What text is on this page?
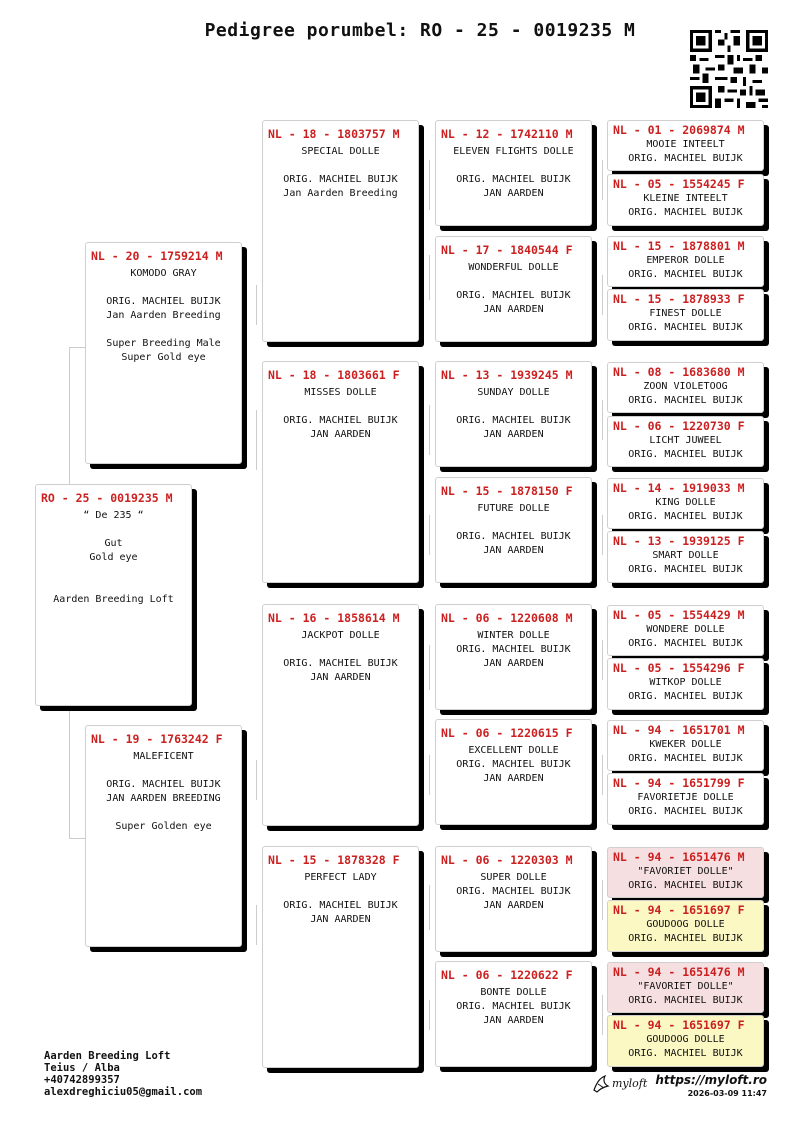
Pedigree porumbel: RO - 25 - 0019235 M
RO - 25 - 0019235 M
“ De 235 “
Gut
Gold eye
Aarden Breeding Loft
NL - 20 - 1759214 M
KOMODO GRAY
ORIG. MACHIEL BUIJK
Jan Aarden Breeding
Super Breeding Male
Super Gold eye
NL - 19 - 1763242 F
MALEFICENT
ORIG. MACHIEL BUIJK
JAN AARDEN BREEDING
Super Golden eye
NL - 18 - 1803757 M
SPECIAL DOLLE
ORIG. MACHIEL BUIJK
Jan Aarden Breeding
NL - 18 - 1803661 F
MISSES DOLLE
ORIG. MACHIEL BUIJK
JAN AARDEN
NL - 16 - 1858614 M
JACKPOT DOLLE
ORIG. MACHIEL BUIJK
JAN AARDEN
NL - 15 - 1878328 F
PERFECT LADY
ORIG. MACHIEL BUIJK
JAN AARDEN
NL - 12 - 1742110 M
ELEVEN FLIGHTS DOLLE
ORIG. MACHIEL BUIJK
JAN AARDEN
NL - 17 - 1840544 F
WONDERFUL DOLLE
ORIG. MACHIEL BUIJK
JAN AARDEN
NL - 13 - 1939245 M
SUNDAY DOLLE
ORIG. MACHIEL BUIJK
JAN AARDEN
NL - 15 - 1878150 F
FUTURE DOLLE
ORIG. MACHIEL BUIJK
JAN AARDEN
NL - 06 - 1220608 M
WINTER DOLLE
ORIG. MACHIEL BUIJK
JAN AARDEN
NL - 06 - 1220615 F
EXCELLENT DOLLE
ORIG. MACHIEL BUIJK
JAN AARDEN
NL - 06 - 1220303 M
SUPER DOLLE
ORIG. MACHIEL BUIJK
JAN AARDEN
NL - 06 - 1220622 F
BONTE DOLLE
ORIG. MACHIEL BUIJK
JAN AARDEN
NL - 01 - 2069874 M
MOOIE INTEELT
ORIG. MACHIEL BUIJK
NL - 05 - 1554245 F
KLEINE INTEELT
ORIG. MACHIEL BUIJK
NL - 15 - 1878801 M
EMPEROR DOLLE
ORIG. MACHIEL BUIJK
NL - 15 - 1878933 F
FINEST DOLLE
ORIG. MACHIEL BUIJK
NL - 08 - 1683680 M
ZOON VIOLETOOG
ORIG. MACHIEL BUIJK
NL - 06 - 1220730 F
LICHT JUWEEL
ORIG. MACHIEL BUIJK
NL - 14 - 1919033 M
KING DOLLE
ORIG. MACHIEL BUIJK
NL - 13 - 1939125 F
SMART DOLLE
ORIG. MACHIEL BUIJK
NL - 05 - 1554429 M
WONDERE DOLLE
ORIG. MACHIEL BUIJK
NL - 05 - 1554296 F
WITKOP DOLLE
ORIG. MACHIEL BUIJK
NL - 94 - 1651701 M
KWEKER DOLLE
ORIG. MACHIEL BUIJK
NL - 94 - 1651799 F
FAVORIETJE DOLLE
ORIG. MACHIEL BUIJK
NL - 94 - 1651476 M
"FAVORIET DOLLE"
ORIG. MACHIEL BUIJK
NL - 94 - 1651697 F
GOUDOOG DOLLE
ORIG. MACHIEL BUIJK
NL - 94 - 1651476 M
"FAVORIET DOLLE"
ORIG. MACHIEL BUIJK
NL - 94 - 1651697 F
GOUDOOG DOLLE
ORIG. MACHIEL BUIJK
Aarden Breeding Loft
Teius / Alba
+40742899357
alexdreghiciu05@gmail.com
myloft https://myloft.ro
2026-03-09 11:47
